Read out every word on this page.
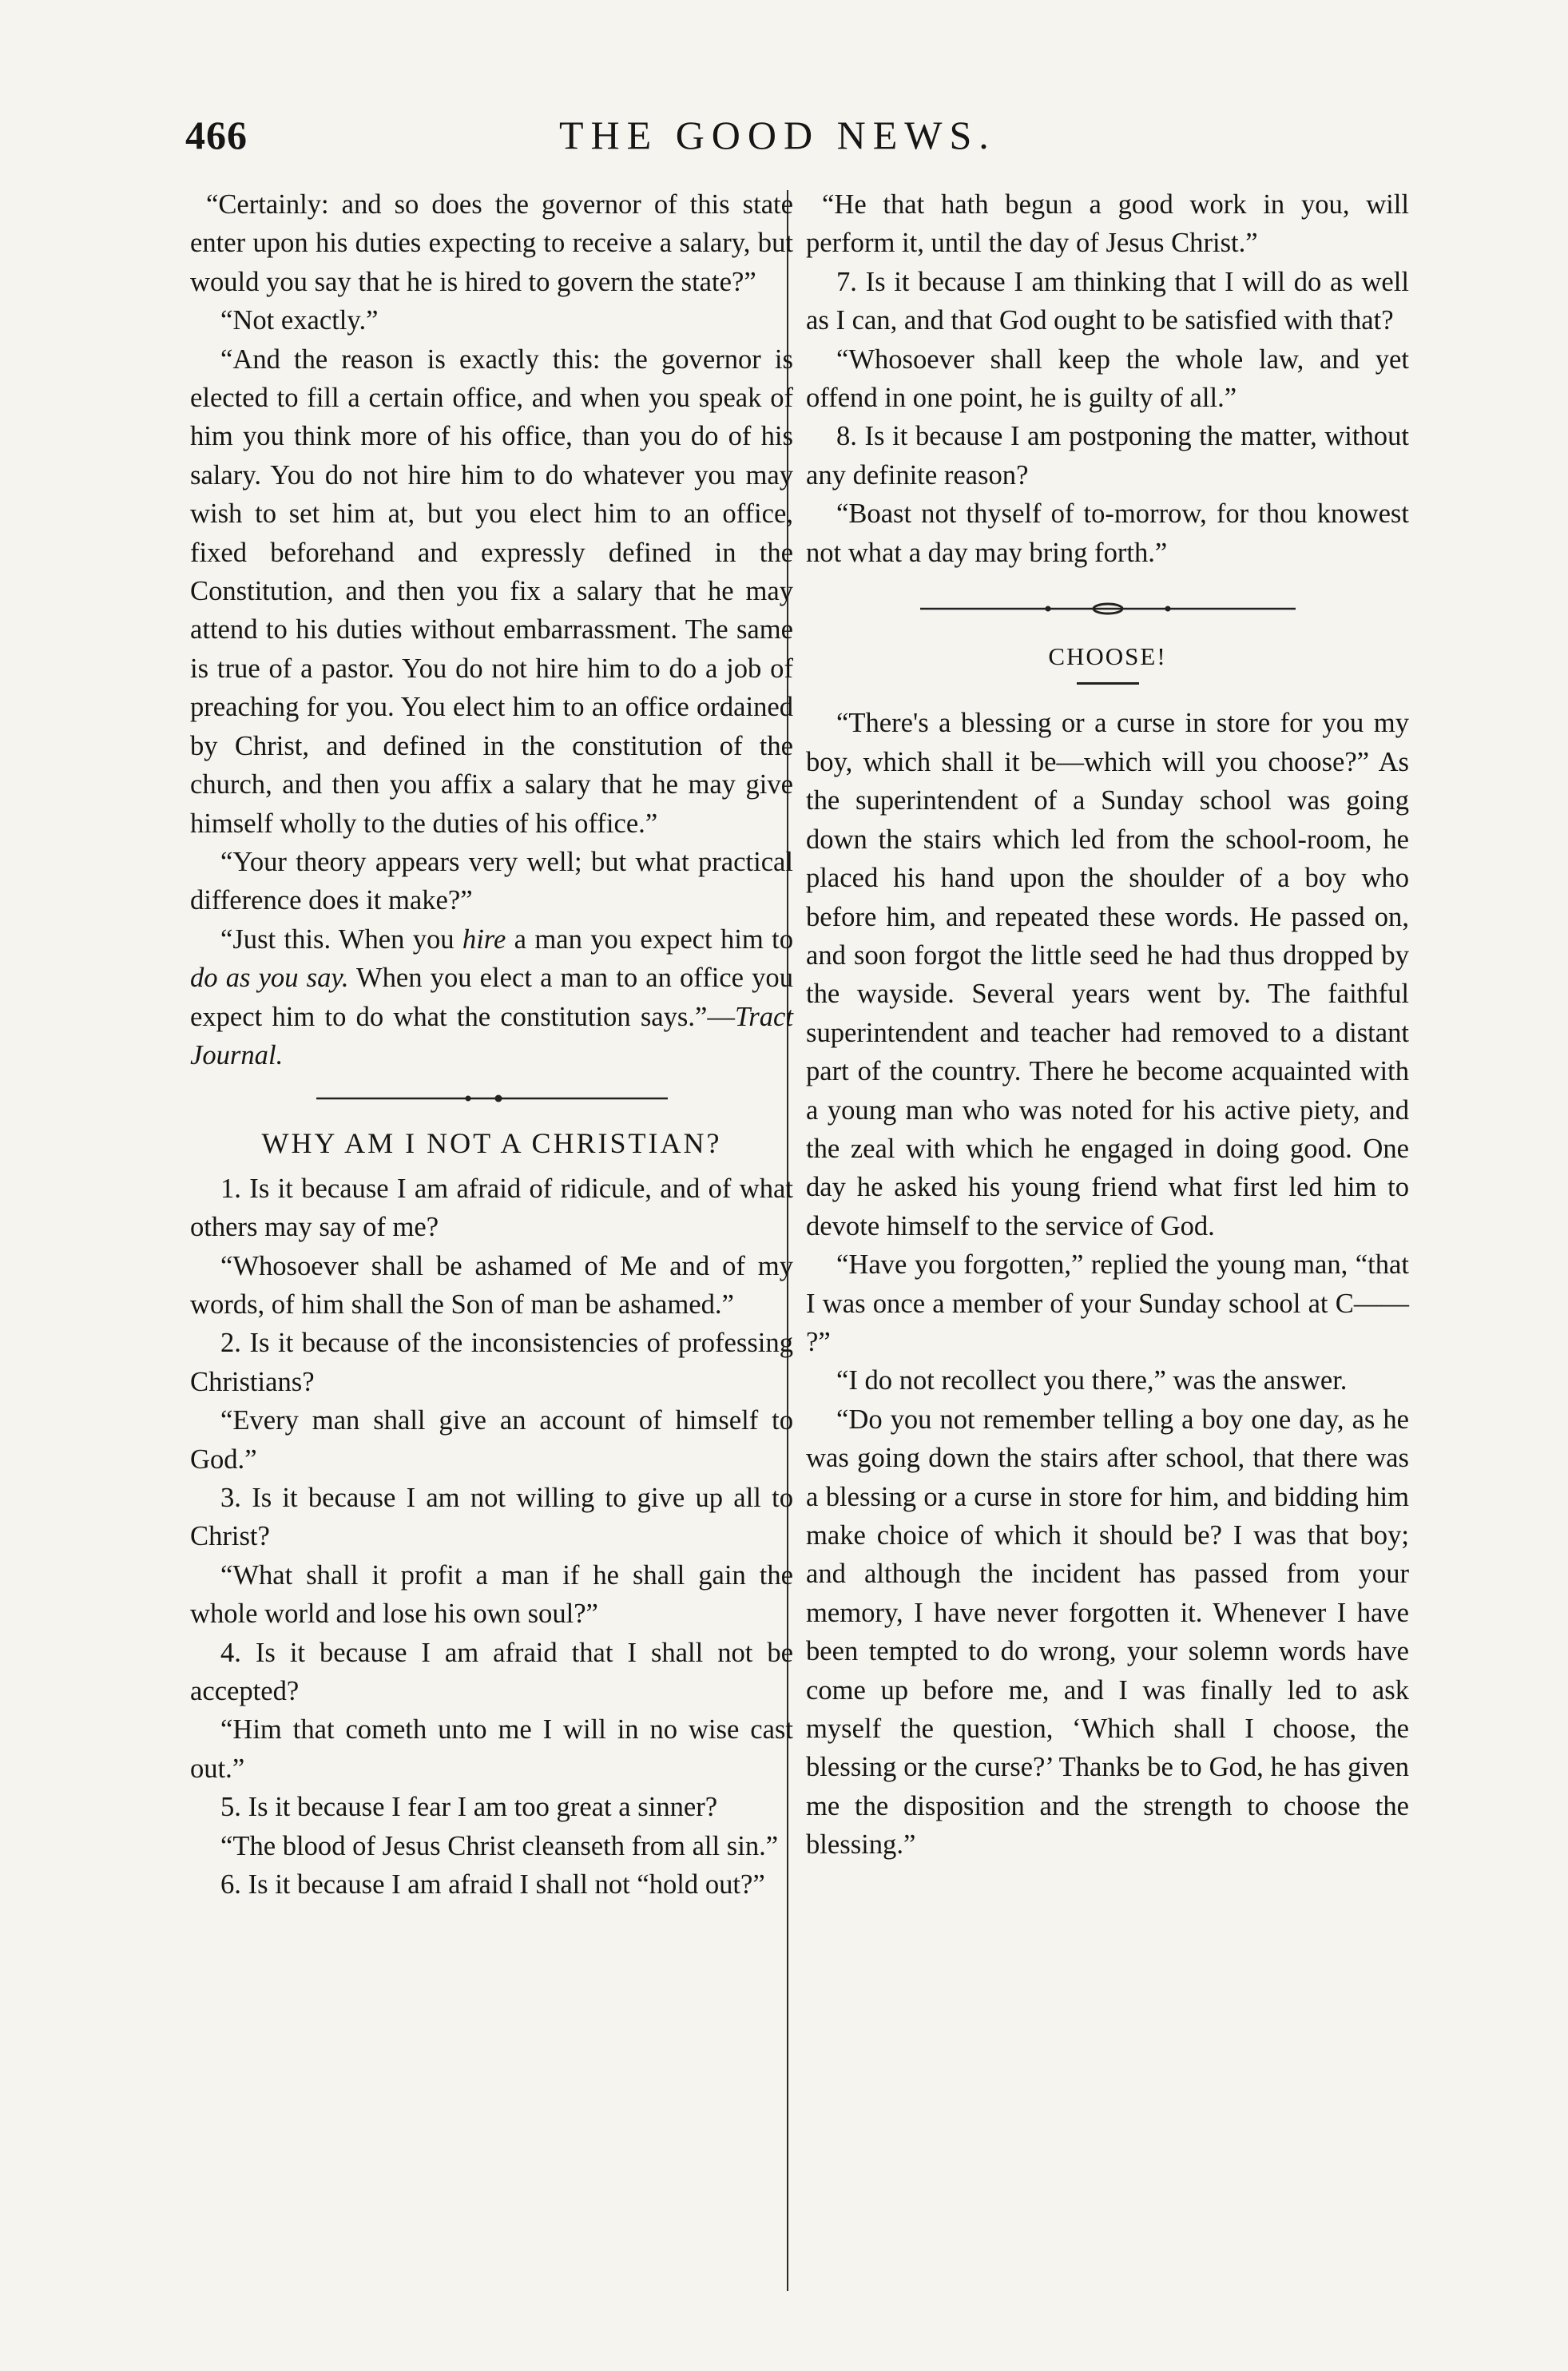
466	THE GOOD NEWS.

“Certainly: and so does the governor of this state enter upon his duties expecting to receive a salary, but would you say that he is hired to govern the state?”

“Not exactly.”

“And the reason is exactly this: the governor is elected to fill a certain office, and when you speak of him you think more of his office, than you do of his salary. You do not hire him to do whatever you may wish to set him at, but you elect him to an office, fixed beforehand and expressly defined in the Constitution, and then you fix a salary that he may attend to his duties without embarrassment. The same is true of a pastor. You do not hire him to do a job of preaching for you. You elect him to an office ordained by Christ, and defined in the constitution of the church, and then you affix a salary that he may give himself wholly to the duties of his office.”

“Your theory appears very well; but what practical difference does it make?”

“Just this. When you hire a man you expect him to do as you say. When you elect a man to an office you expect him to do what the constitution says.”—Tract Journal.

WHY AM I NOT A CHRISTIAN?

1. Is it because I am afraid of ridicule, and of what others may say of me?

“Whosoever shall be ashamed of Me and of my words, of him shall the Son of man be ashamed.”

2. Is it because of the inconsistencies of professing Christians?

“Every man shall give an account of himself to God.”

3. Is it because I am not willing to give up all to Christ?

“What shall it profit a man if he shall gain the whole world and lose his own soul?”

4. Is it because I am afraid that I shall not be accepted?

“Him that cometh unto me I will in no wise cast out.”

5. Is it because I fear I am too great a sinner?

“The blood of Jesus Christ cleanseth from all sin.”

6. Is it because I am afraid I shall not “hold out?”

“He that hath begun a good work in you, will perform it, until the day of Jesus Christ.”

7. Is it because I am thinking that I will do as well as I can, and that God ought to be satisfied with that?

“Whosoever shall keep the whole law, and yet offend in one point, he is guilty of all.”

8. Is it because I am postponing the matter, without any definite reason?

“Boast not thyself of to-morrow, for thou knowest not what a day may bring forth.”

CHOOSE!

“There's a blessing or a curse in store for you my boy, which shall it be—which will you choose?” As the superintendent of a Sunday school was going down the stairs which led from the school-room, he placed his hand upon the shoulder of a boy who before him, and repeated these words. He passed on, and soon forgot the little seed he had thus dropped by the wayside. Several years went by. The faithful superintendent and teacher had removed to a distant part of the country. There he become acquainted with a young man who was noted for his active piety, and the zeal with which he engaged in doing good. One day he asked his young friend what first led him to devote himself to the service of God.

“Have you forgotten,” replied the young man, “that I was once a member of your Sunday school at C—— ?”

“I do not recollect you there,” was the answer.

“Do you not remember telling a boy one day, as he was going down the stairs after school, that there was a blessing or a curse in store for him, and bidding him make choice of which it should be? I was that boy; and although the incident has passed from your memory, I have never forgotten it. Whenever I have been tempted to do wrong, your solemn words have come up before me, and I was finally led to ask myself the question, ‘Which shall I choose, the blessing or the curse?’ Thanks be to God, he has given me the disposition and the strength to choose the blessing.”
